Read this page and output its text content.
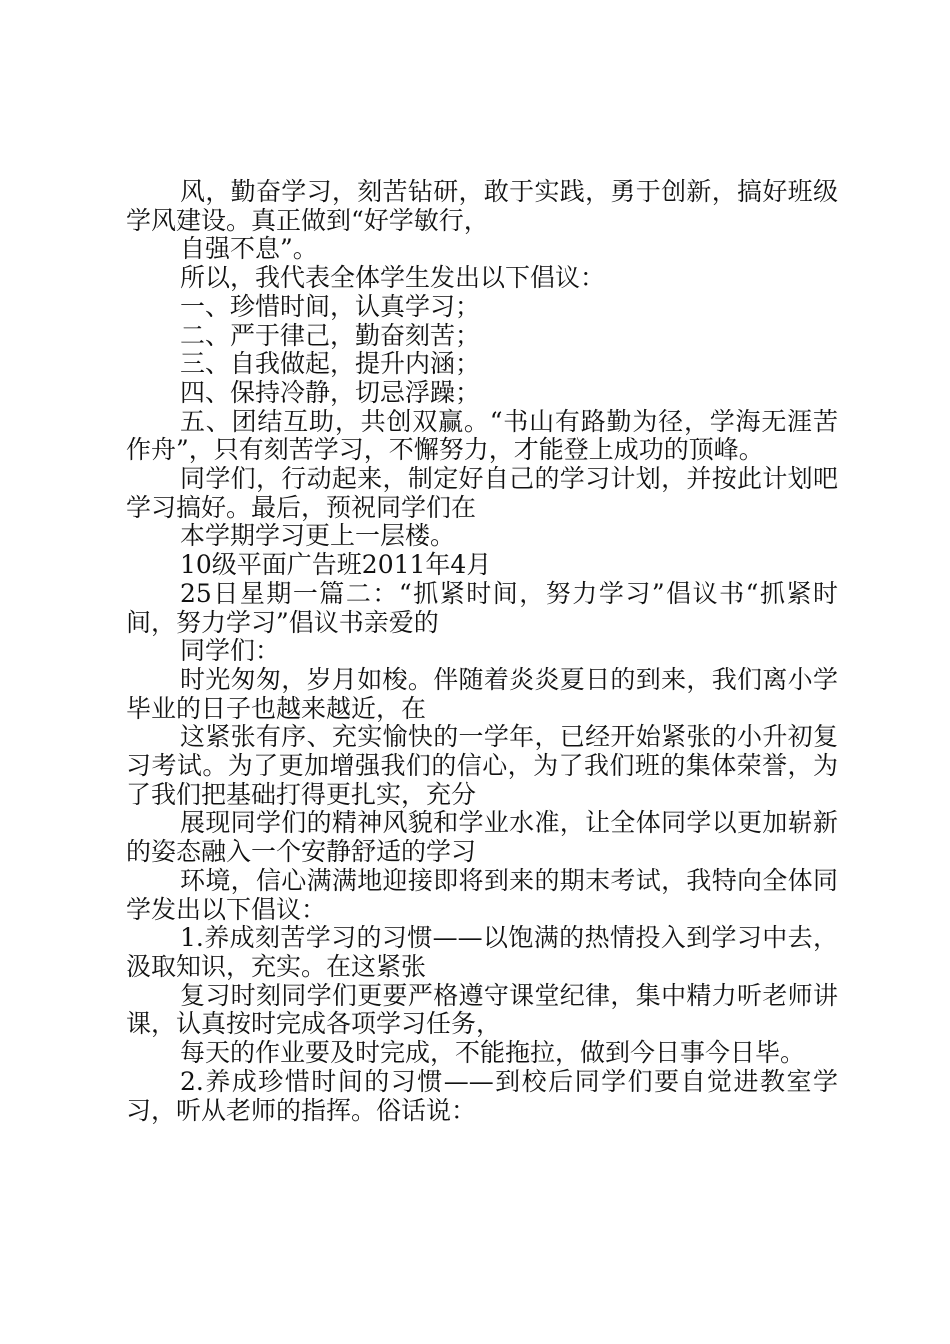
风，勤奋学习，刻苦钻研，敢于实践，勇于创新，搞好班级学风建设。真正做到“好学敏行，

自强不息”。

所以，我代表全体学生发出以下倡议：

一、珍惜时间，认真学习；

二、严于律己，勤奋刻苦；

三、自我做起，提升内涵；

四、保持冷静，切忌浮躁；

五、团结互助，共创双赢。“书山有路勤为径，学海无涯苦作舟”，只有刻苦学习，不懈努力，才能登上成功的顶峰。

同学们，行动起来，制定好自己的学习计划，并按此计划吧学习搞好。最后，预祝同学们在

本学期学习更上一层楼。

10级平面广告班2011年4月

25日星期一篇二：“抓紧时间，努力学习”倡议书“抓紧时间，努力学习”倡议书亲爱的

同学们：

时光匆匆，岁月如梭。伴随着炎炎夏日的到来，我们离小学毕业的日子也越来越近，在

这紧张有序、充实愉快的一学年，已经开始紧张的小升初复习考试。为了更加增强我们的信心，为了我们班的集体荣誉，为了我们把基础打得更扎实，充分

展现同学们的精神风貌和学业水准，让全体同学以更加崭新的姿态融入一个安静舒适的学习

环境，信心满满地迎接即将到来的期末考试，我特向全体同学发出以下倡议：

1.养成刻苦学习的习惯——以饱满的热情投入到学习中去，汲取知识，充实。在这紧张

复习时刻同学们更要严格遵守课堂纪律，集中精力听老师讲课，认真按时完成各项学习任务，

每天的作业要及时完成，不能拖拉，做到今日事今日毕。

2.养成珍惜时间的习惯——到校后同学们要自觉进教室学习，听从老师的指挥。俗话说：
